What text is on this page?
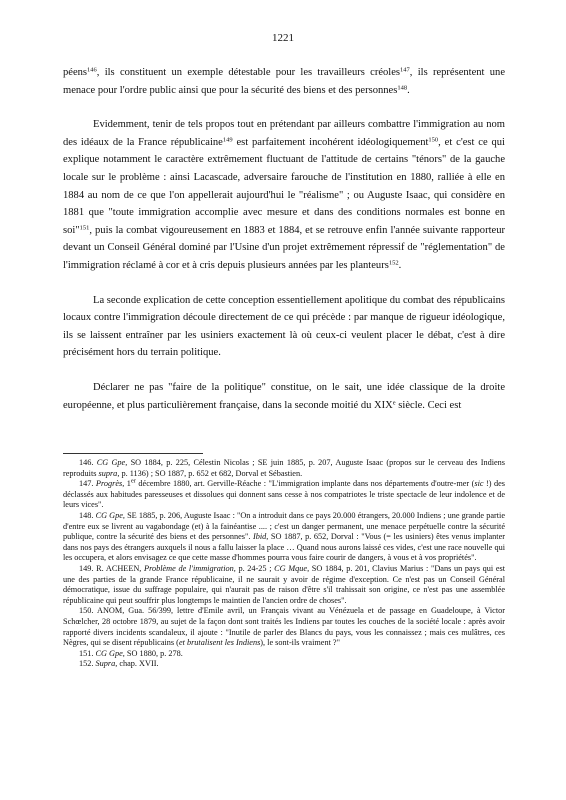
1221

péens$^{146}$, ils constituent un exemple détestable pour les travailleurs créoles$^{147}$, ils représentent une menace pour l'ordre public ainsi que pour la sécurité des biens et des personnes$^{148}$.

Evidemment, tenir de tels propos tout en prétendant par ailleurs combattre l'immigration au nom des idéaux de la France républicaine$^{149}$ est parfaitement incohérent idéologiquement$^{150}$, et c'est ce qui explique notamment le caractère extrêmement fluctuant de l'attitude de certains "ténors" de la gauche locale sur le problème : ainsi Lacascade, adversaire farouche de l'institution en 1880, ralliée à elle en 1884 au nom de ce que l'on appellerait aujourd'hui le "réalisme" ; ou Auguste Isaac, qui considère en 1881 que "toute immigration accomplie avec mesure et dans des conditions normales est bonne en soi"$^{151}$, puis la combat vigoureusement en 1883 et 1884, et se retrouve enfin l'année suivante rapporteur devant un Conseil Général dominé par l'Usine d'un projet extrêmement répressif de "réglementation" de l'immigration réclamé à cor et à cris depuis plusieurs années par les planteurs$^{152}$.

La seconde explication de cette conception essentiellement apolitique du combat des républicains locaux contre l'immigration découle directement de ce qui précède : par manque de rigueur idéologique, ils se laissent entraîner par les usiniers exactement là où ceux-ci veulent placer le débat, c'est à dire précisément hors du terrain politique.

Déclarer ne pas "faire de la politique" constitue, on le sait, une idée classique de la droite européenne, et plus particulièrement française, dans la seconde moitié du XIXe siècle. Ceci est

146. CG Gpe, SO 1884, p. 225, Célestin Nicolas ; SE juin 1885, p. 207, Auguste Isaac (propos sur le cerveau des Indiens reproduits supra, p. 1136) ; SO 1887, p. 652 et 682, Dorval et Sébastien.

147. Progrès, 1er décembre 1880, art. Gerville-Réache : "L'immigration implante dans nos départements d'outre-mer (sic !) des déclassés aux habitudes paresseuses et dissolues qui donnent sans cesse à nos compatriotes le triste spectacle de leur indolence et de leurs vices".

148. CG Gpe, SE 1885, p. 206, Auguste Isaac : "On a introduit dans ce pays 20.000 étrangers, 20.000 Indiens ; une grande partie d'entre eux se livrent au vagabondage (et) à la fainéantise .... ; c'est un danger permanent, une menace perpétuelle contre la sécurité publique, contre la sécurité des biens et des personnes". Ibid, SO 1887, p. 652, Dorval : "Vous (= les usiniers) êtes venus implanter dans nos pays des étrangers auxquels il nous a fallu laisser la place … Quand nous aurons laissé ces vides, c'est une race nouvelle qui les occupera, et alors envisagez ce que cette masse d'hommes pourra vous faire courir de dangers, à vous et à vos propriétés".

149. R. ACHEEN, Problème de l'immigration, p. 24-25 ; CG Mque, SO 1884, p. 201, Clavius Marius : "Dans un pays qui est une des parties de la grande France républicaine, il ne saurait y avoir de régime d'exception. Ce n'est pas un Conseil Général démocratique, issue du suffrage populaire, qui n'aurait pas de raison d'être s'il trahissait son origine, ce n'est pas une assemblée républicaine qui peut souffrir plus longtemps le maintien de l'ancien ordre de choses".

150. ANOM, Gua. 56/399, lettre d'Emile avril, un Français vivant au Vénézuela et de passage en Guadeloupe, à Victor Schœlcher, 28 octobre 1879, au sujet de la façon dont sont traités les Indiens par toutes les couches de la société locale : après avoir rapporté divers incidents scandaleux, il ajoute : "Inutile de parler des Blancs du pays, vous les connaissez ; mais ces mulâtres, ces Nègres, qui se disent républicains (et brutalisent les Indiens), le sont-ils vraiment ?"

151. CG Gpe, SO 1880, p. 278.

152. Supra, chap. XVII.
